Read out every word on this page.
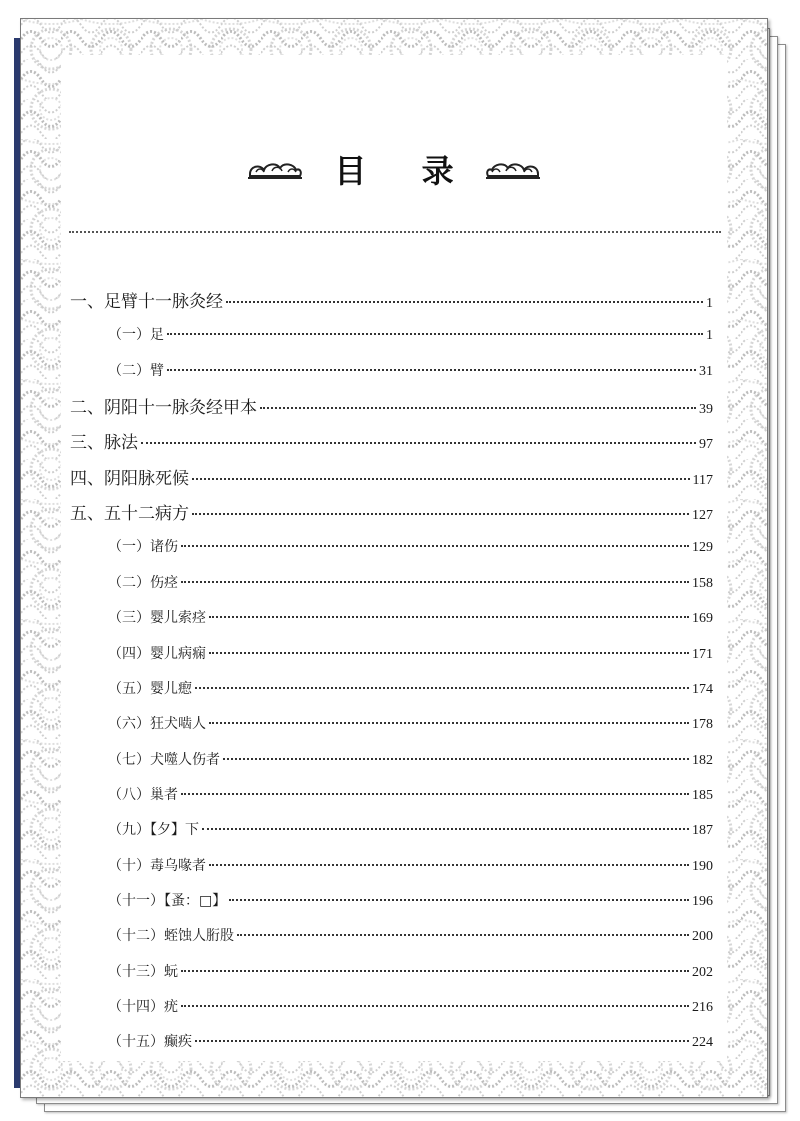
目 录
一、足臂十一脉灸经	1
（一）足	1
（二）臂	31
二、阴阳十一脉灸经甲本	39
三、脉法	97
四、阴阳脉死候	117
五、五十二病方	127
（一）诸伤	129
（二）伤痉	158
（三）婴儿索痉	169
（四）婴儿病痫	171
（五）婴儿瘛	174
（六）狂犬啮人	178
（七）犬噬人伤者	182
（八）巢者	185
（九）【夕】下	187
（十）毒乌喙者	190
（十一）【蚤：□】	196
（十二）蛭蚀人胻股	200
（十三）蚖	202
（十四）疣	216
（十五）癫疾	224
